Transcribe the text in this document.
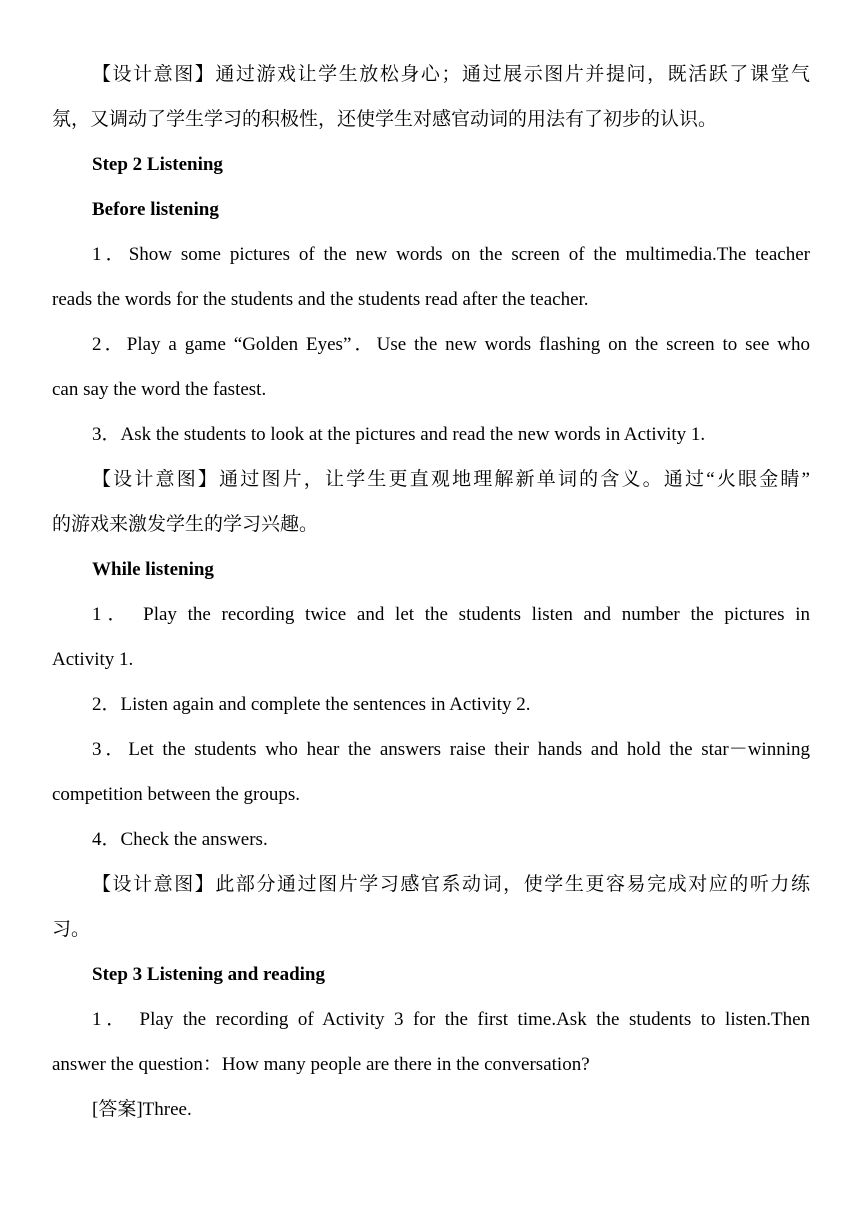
【设计意图】通过游戏让学生放松身心；通过展示图片并提问，既活跃了课堂气
氛，又调动了学生学习的积极性，还使学生对感官动词的用法有了初步的认识。
Step 2 Listening
Before listening
1．Show some pictures of the new words on the screen of the multimedia.The teacher
reads the words for the students and the students read after the teacher.
2．Play a game “Golden Eyes”．Use the new words flashing on the screen to see who
can say the word the fastest.
3．Ask the students to look at the pictures and read the new words in Activity 1.
【设计意图】通过图片，让学生更直观地理解新单词的含义。通过“火眼金睛”
的游戏来激发学生的学习兴趣。
While listening
1． Play the recording twice and let the students listen and number the pictures in
Activity 1.
2．Listen again and complete the sentences in Activity 2.
3．Let the students who hear the answers raise their hands and hold the star－winning
competition between the groups.
4．Check the answers.
【设计意图】此部分通过图片学习感官系动词，使学生更容易完成对应的听力练
习。
Step 3 Listening and reading
1． Play the recording of Activity 3 for the first time.Ask the students to listen.Then
answer the question：How many people are there in the conversation?
[答案]Three.
